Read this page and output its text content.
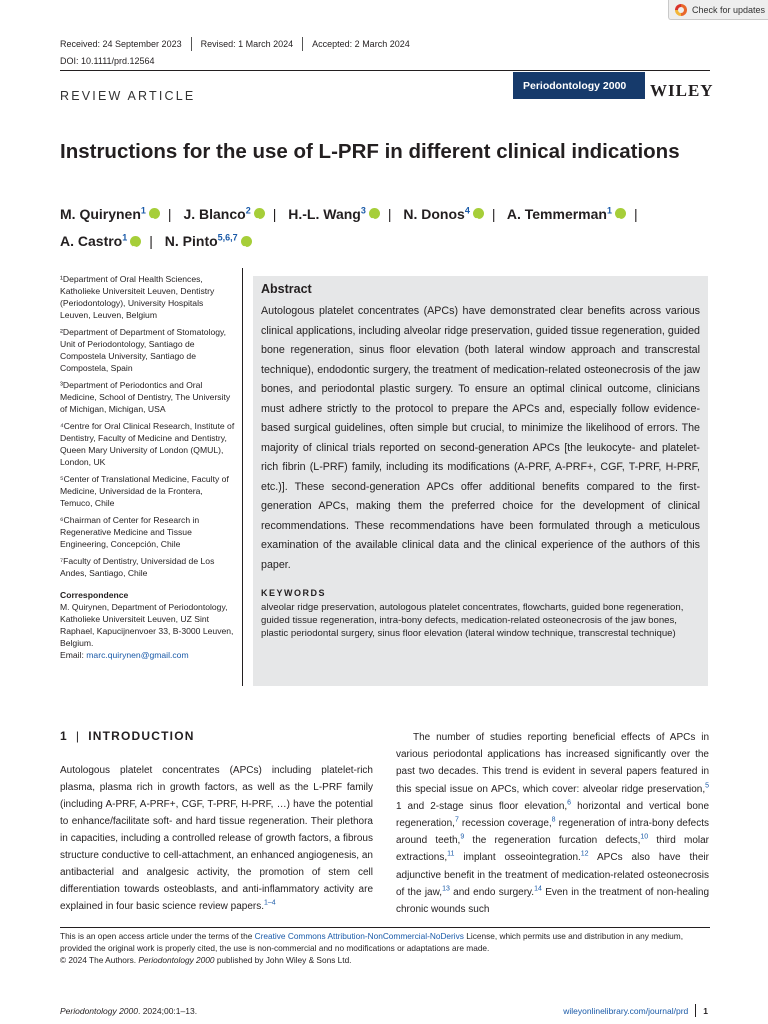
Check for updates
Received: 24 September 2023 Revised: 1 March 2024 Accepted: 2 March 2024
DOI: 10.1111/prd.12564
REVIEW ARTICLE
Periodontology 2000 WILEY
Instructions for the use of L-PRF in different clinical indications
M. Quirynen$^1$ iD | J. Blanco$^2$ iD | H.-L. Wang$^3$ iD | N. Donos$^4$ iD | A. Temmerman$^1$ iD |
A. Castro$^1$ iD | N. Pinto$^{5,6,7}$iD

¹Department of Oral Health Sciences, Katholieke Universiteit Leuven, Dentistry (Periodontology), University Hospitals Leuven, Leuven, Belgium

²Department of Department of Stomatology, Unit of Periodontology, Santiago de Compostela University, Santiago de Compostela, Spain

³Department of Periodontics and Oral Medicine, School of Dentistry, The University of Michigan, Michigan, USA

⁴Centre for Oral Clinical Research, Institute of Dentistry, Faculty of Medicine and Dentistry, Queen Mary University of London (QMUL), London, UK

⁵Center of Translational Medicine, Faculty of Medicine, Universidad de la Frontera, Temuco, Chile

⁶Chairman of Center for Research in Regenerative Medicine and Tissue Engineering, Concepción, Chile

⁷Faculty of Dentistry, Universidad de Los Andes, Santiago, Chile

Correspondence

M. Quirynen, Department of Periodontology, Katholieke Universiteit Leuven, UZ Sint Raphael, Kapucijnenvoer 33, B-3000 Leuven, Belgium.
Email: marc.quirynen@gmail.com

Abstract

Autologous platelet concentrates (APCs) have demonstrated clear benefits across various clinical applications, including alveolar ridge preservation, guided tissue regeneration, guided bone regeneration, sinus floor elevation (both lateral window approach and transcrestal technique), endodontic surgery, the treatment of medication-related osteonecrosis of the jaw bones, and periodontal plastic surgery. To ensure an optimal clinical outcome, clinicians must adhere strictly to the protocol to prepare the APCs and, especially follow evidence-based surgical guidelines, often simple but crucial, to minimize the likelihood of errors. The majority of clinical trials reported on second-generation APCs [the leukocyte- and platelet-rich fibrin (L-PRF) family, including its modifications (A-PRF, A-PRF+, CGF, T-PRF, H-PRF, etc.)]. These second-generation APCs offer additional benefits compared to the first-generation APCs, making them the preferred choice for the development of clinical recommendations. These recommendations have been formulated through a meticulous examination of the available clinical data and the clinical experience of the authors of this paper.

KEYWORDS
alveolar ridge preservation, autologous platelet concentrates, flowcharts, guided bone regeneration, guided tissue regeneration, intra-bony defects, medication-related osteonecrosis of the jaw bones, plastic periodontal surgery, sinus floor elevation (lateral window technique, transcrestal technique)
1 | INTRODUCTION

Autologous platelet concentrates (APCs) including platelet-rich plasma, plasma rich in growth factors, as well as the L-PRF family (including A-PRF, A-PRF+, CGF, T-PRF, H-PRF, …) have the potential to enhance/facilitate soft- and hard tissue regeneration. Their plethora in capacities, including a controlled release of growth factors, a fibrous structure conductive to cell-attachment, an enhanced angiogenesis, an antibacterial and analgesic activity, the promotion of stem cell differentiation towards osteoblasts, and anti-inflammatory activity are explained in four basic science review papers.$^{1-4}$

The number of studies reporting beneficial effects of APCs in various periodontal applications has increased significantly over the past two decades. This trend is evident in several papers featured in this special issue on APCs, which cover: alveolar ridge preservation,$^5$ 1 and 2-stage sinus floor elevation,$^6$ horizontal and vertical bone regeneration,$^7$ recession coverage,$^8$ regeneration of intra-bony defects around teeth,$^9$ the regeneration furcation defects,$^{10}$ third molar extractions,$^{11}$ implant osseointegration.$^{12}$ APCs also have their adjunctive benefit in the treatment of medication-related osteonecrosis of the jaw,$^{13}$ and endo surgery.$^{14}$ Even in the treatment of non-healing chronic wounds such

This is an open access article under the terms of the Creative Commons Attribution-NonCommercial-NoDerivs License, which permits use and distribution in any medium, provided the original work is properly cited, the use is non-commercial and no modifications or adaptations are made.

© 2024 The Authors. Periodontology 2000 published by John Wiley & Sons Ltd.

Periodontology 2000. 2024;00:1–13.	wileyonlinelibrary.com/journal/prd 1
